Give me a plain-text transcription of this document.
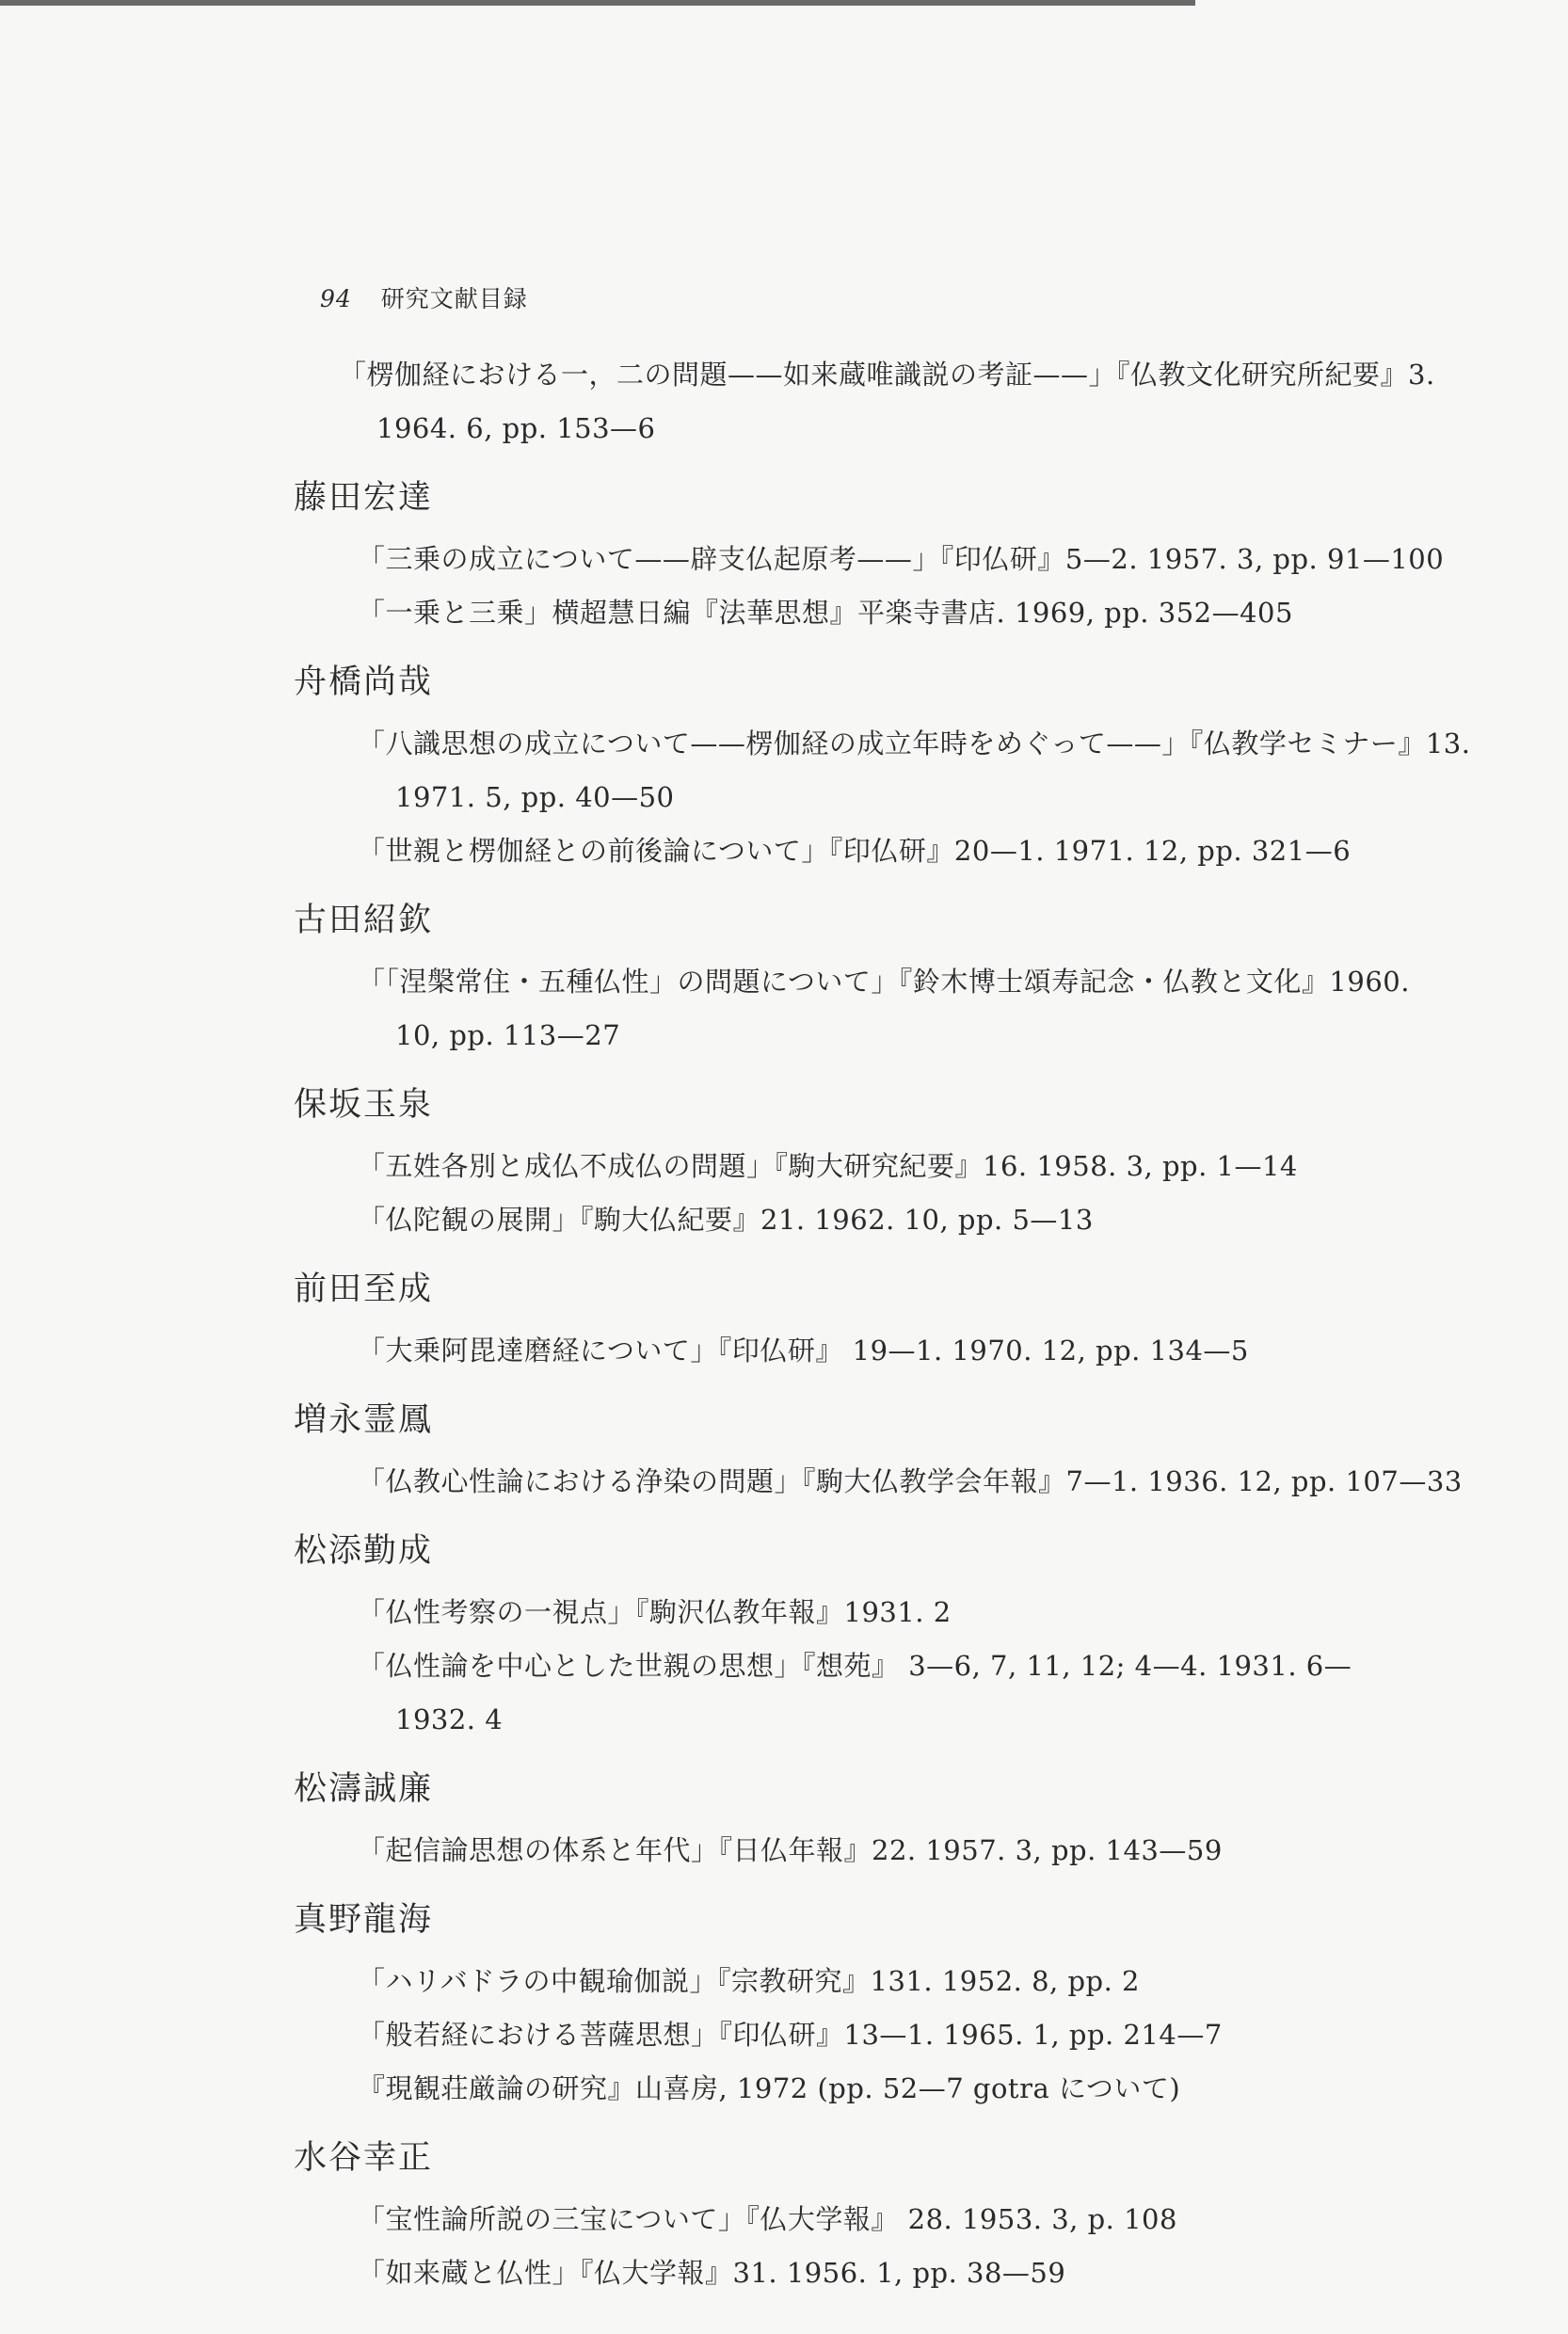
94 研究文献目録
「楞伽経における一，二の問題——如来蔵唯識説の考証——」『仏教文化研究所紀要』3.
1964. 6, pp. 153—6
藤田宏達
「三乗の成立について——辟支仏起原考——」『印仏研』5—2. 1957. 3, pp. 91—100
「一乗と三乗」横超慧日編『法華思想』平楽寺書店. 1969, pp. 352—405
舟橋尚哉
「八識思想の成立について——楞伽経の成立年時をめぐって——」『仏教学セミナー』13.
1971. 5, pp. 40—50
「世親と楞伽経との前後論について」『印仏研』20—1. 1971. 12, pp. 321—6
古田紹欽
「「涅槃常住・五種仏性」の問題について」『鈴木博士頌寿記念・仏教と文化』1960.
10, pp. 113—27
保坂玉泉
「五姓各別と成仏不成仏の問題」『駒大研究紀要』16. 1958. 3, pp. 1—14
「仏陀観の展開」『駒大仏紀要』21. 1962. 10, pp. 5—13
前田至成
「大乗阿毘達磨経について」『印仏研』 19—1. 1970. 12, pp. 134—5
増永霊鳳
「仏教心性論における浄染の問題」『駒大仏教学会年報』7—1. 1936. 12, pp. 107—33
松添勤成
「仏性考察の一視点」『駒沢仏教年報』1931. 2
「仏性論を中心とした世親の思想」『想苑』 3—6, 7, 11, 12; 4—4. 1931. 6—
1932. 4
松濤誠廉
「起信論思想の体系と年代」『日仏年報』22. 1957. 3, pp. 143—59
真野龍海
「ハリバドラの中観瑜伽説」『宗教研究』131. 1952. 8, pp. 2
「般若経における菩薩思想」『印仏研』13—1. 1965. 1, pp. 214—7
『現観荘厳論の研究』山喜房, 1972 (pp. 52—7 gotra について)
水谷幸正
「宝性論所説の三宝について」『仏大学報』 28. 1953. 3, p. 108
「如来蔵と仏性」『仏大学報』31. 1956. 1, pp. 38—59
